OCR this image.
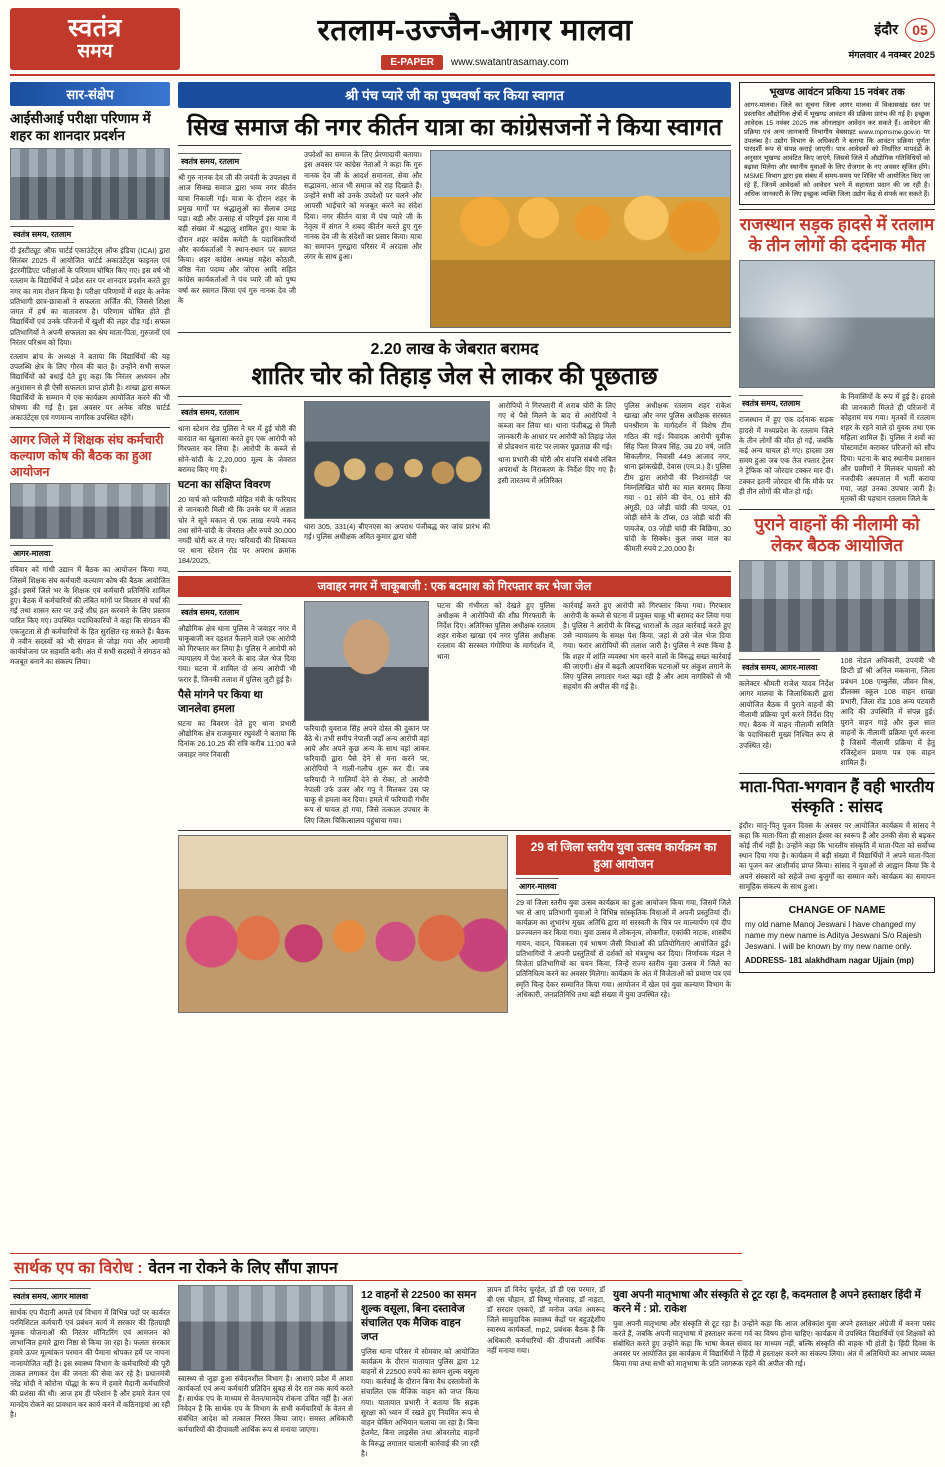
स्वतंत्र
समय
रतलाम-उज्जैन-आगर मालवा
E-PAPER	www.swatantrasamay.com
इंदौर	05
मंगलवार 4 नवम्बर 2025
सार-संक्षेप
आईसीआई परीक्षा परिणाम में शहर का शानदार प्रदर्शन
स्वतंत्र समय, रतलाम
दी इंस्टीट्यूट ऑफ चार्टर्ड एकाउंटेंट्स ऑफ इंडिया (ICAI) द्वारा सितंबर 2025 में आयोजित चार्टर्ड अकाउंटेंट्स फाइनल एवं इंटरमीडिएट परीक्षाओं के परिणाम घोषित किए गए। इस वर्ष भी रतलाम के विद्यार्थियों ने प्रदेश स्तर पर शानदार प्रदर्शन करते हुए नगर का नाम रोशन किया है। परीक्षा परिणामों में शहर के अनेक प्रतिभागी छात्र-छात्राओं ने सफलता अर्जित की, जिससे शिक्षा जगत में हर्ष का वातावरण है। परिणाम घोषित होते ही विद्यार्थियों एवं उनके परिजनों में खुशी की लहर दौड़ गई। सफल प्रतिभागियों ने अपनी सफलता का श्रेय माता-पिता, गुरुजनों एवं निरंतर परिश्रम को दिया।
रतलाम ब्रांच के अध्यक्ष ने बताया कि विद्यार्थियों की यह उपलब्धि क्षेत्र के लिए गौरव की बात है। उन्होंने सभी सफल विद्यार्थियों को बधाई देते हुए कहा कि निरंतर अध्ययन और अनुशासन से ही ऐसी सफलता प्राप्त होती है। शाखा द्वारा सफल विद्यार्थियों के सम्मान में एक कार्यक्रम आयोजित करने की भी घोषणा की गई है। इस अवसर पर अनेक वरिष्ठ चार्टर्ड अकाउंटेंट्स एवं गणमान्य नागरिक उपस्थित रहेंगे।
आगर जिले में शिक्षक संघ कर्मचारी कल्याण कोष की बैठक का हुआ आयोजन
आगर-मालवा
रविवार को गांधी उद्यान में बैठक का आयोजन किया गया, जिसमें शिक्षक संघ कर्मचारी कल्याण कोष की बैठक आयोजित हुई। इसमें जिले भर के शिक्षक एवं कर्मचारी प्रतिनिधि शामिल हुए। बैठक में कर्मचारियों की लंबित मांगों पर विस्तार से चर्चा की गई तथा शासन स्तर पर उन्हें शीघ्र हल करवाने के लिए प्रस्ताव पारित किए गए। उपस्थित पदाधिकारियों ने कहा कि संगठन की एकजुटता से ही कर्मचारियों के हित सुरक्षित रह सकते हैं। बैठक में नवीन सदस्यों को भी संगठन से जोड़ा गया और आगामी कार्ययोजना पर सहमति बनी। अंत में सभी सदस्यों ने संगठन को मजबूत बनाने का संकल्प लिया।
श्री पंच प्यारे जी का पुष्पवर्षा कर किया स्वागत
सिख समाज की नगर कीर्तन यात्रा का कांग्रेसजनों ने किया स्वागत
स्वतंत्र समय, रतलाम
श्री गुरु नानक देव जी की जयंती के उपलक्ष्य में आज सिक्ख समाज द्वारा भव्य नगर कीर्तन यात्रा निकाली गई। यात्रा के दौरान शहर के प्रमुख मार्गों पर श्रद्धालुओं का सैलाब उमड़ पड़ा। बड़ी और उत्साह से परिपूर्ण इस यात्रा में बड़ी संख्या में श्रद्धालु शामिल हुए। यात्रा के दौरान शहर कांग्रेस कमेटी के पदाधिकारियों और कार्यकर्ताओं ने स्थान-स्थान पर स्वागत किया। शहर कांग्रेस अध्यक्ष महेश कोठारी, वरिष्ठ नेता पदम्य और जोएस आदि सहित कांग्रेस कार्यकर्ताओं ने पंच प्यारे जी को पुष्प वर्षा कर स्वागत किया एवं गुरु नानक देव जी के
उपदेशों का समाज के लिए प्रेरणादायी बताया। इस अवसर पर कांग्रेस नेताओं ने कहा कि गुरु नानक देव जी के आदर्श समानता, सेवा और सद्भावना, आज भी समाज को राह दिखाते हैं। उन्होंने सभी को उनके उपदेशों पर चलने और आपसी भाईचारे को मजबूत करने का संदेश दिया। नगर कीर्तन यात्रा में पंच प्यारे जी के नेतृत्व में संगत ने शबद कीर्तन करते हुए गुरु नानक देव जी के संदेशों का प्रसार किया। यात्रा का समापन गुरुद्वारा परिसर में अरदास और लंगर के साथ हुआ।
2.20 लाख के जेबरात बरामद
शातिर चोर को तिहाड़ जेल से लाकर की पूछताछ
स्वतंत्र समय, रतलाम
थाना स्टेशन रोड पुलिस ने घर में हुई चोरी की वारदात का खुलासा करते हुए एक आरोपी को गिरफ्तार कर लिया है। आरोपी के कब्जे से सोने-चांदी के 2,20,000 मूल्य के जेवरात बरामद किए गए हैं।
घटना का संक्षिप्त विवरण
20 मार्च को फरियादी मोहित मंत्री के फरियाद से जानकारी मिली थी कि उनके घर में अज्ञात चोर ने सूने मकान से एक लाख रुपये नकद तथा सोने-चांदी के जेवरात और रुपये 30,000 नगदी चोरी कर ले गए। फरियादी की शिकायत पर थाना स्टेशन रोड पर अपराध क्रमांक 184/2025,
धारा 305, 331(4) बीएनएस का अपराध पंजीबद्ध कर जांच प्रारंभ की गई। पुलिस अधीक्षक अमित कुमार द्वारा चोरी
आरोपियों ने गिरफ्तारी में शराब चोरी के लिए गए थे पैसे मिलने के बाद से आरोपियों ने कब्जा कर लिया था। थाना पंजीबद्ध से मिली जानकारी के आधार पर आरोपी को तिहाड़ जेल से प्रोडक्शन वारंट पर लाकर पूछताछ की गई।
थाना प्रभारी की चोरी और संपत्ति संबंधी लंबित अपराधों के निराकरण के निर्देश दिए गए हैं। इसी तारतम्य में अतिरिक्त
पुलिस अधीक्षक रतलाम शहर राकेश खाखा और नगर पुलिस अधीक्षक सरस्वत घनश्रीराम के मार्गदर्शन में विशेष टीम गठित की गई। विवादक आरोपी यूवीक सिंह पिता विजय सिंह, उम्र 20 वर्ष, जाति सिकलीगर, निवासी 449 आजाद नगर, थाना झांकखेड़ी, देवास (एम.प्र.) है। पुलिस टीम द्वारा आरोपी की निशानदेही पर निम्नलिखित चोरी का माल बरामद किया गया - 01 सोने की चेन, 01 सोने की अंगूठी, 03 जोड़ी चांदी की पायल, 01 जोड़ी सोने के टॉप्स, 03 जोड़ी चांदी की पायजेब, 03 जोड़ी चांदी की बिछिया, 30 चांदी के सिक्के। कुल जब्त माल का कीमती रुपये 2,20,000 है।
जवाहर नगर में चाकूबाजी : एक बदमाश को गिरफ्तार कर भेजा जेल
स्वतंत्र समय, रतलाम
औद्योगिक क्षेत्र थाना पुलिस ने जवाहर नगर में चाकूबाजी कर दहशत फैलाने वाले एक आरोपी को गिरफ्तार कर लिया है। पुलिस ने आरोपी को न्यायालय में पेश करने के बाद जेल भेज दिया गया। घटना में शामिल दो अन्य आरोपी भी फरार हैं, जिनकी तलाश में पुलिस जुटी हुई है।
पैसे मांगने पर किया था जानलेवा हमला
घटना का विवरण देते हुए थाना प्रभारी औद्योगिक क्षेत्र राजकुमार रघुवंशी ने बताया कि दिनांक 26.10.25 की रात्रि करीब 11:00 बजे जवाहर नगर निवासी
फरियादी युवराज सिंह अपने दोस्त की दुकान पर बैठे थे। तभी समीप नेपाली जहाँ अन्य आरोपी वहां आये और अपने कुछ अन्य के साथ वहां आकर फरियादी द्वारा पैसे देने से मना करने पर, आरोपियों ने गाली-गलौच शुरू कर दी। जब फरियादी ने गालियाँ देने से रोका, तो आरोपी नेपाली उर्फ उजर और गपु ने मिलकर उस पर चाकू से हमला कर दिया। हमले में फरियादी गंभीर रूप से घायल हो गया, जिसे तत्काल उपचार के लिए जिला चिकित्सालय पहुंचाया गया।
घटना की गंभीरता को देखते हुए पुलिस अधीक्षक ने आरोपियों की शीघ्र गिरफ्तारी के निर्देश दिए। अतिरिक्त पुलिस अधीक्षक रतलाम शहर राकेश खाखा एवं नगर पुलिस अधीक्षक रतलाम की सरस्वत गंगोरिया के मार्गदर्शन में, थाना
कार्रवाई करते हुए आरोपी को गिरफ्तार किया गया। गिरफ्तार आरोपी के कब्जे से घटना में प्रयुक्त चाकू भी बरामद कर लिया गया है। पुलिस ने आरोपी के विरुद्ध धाराओं के तहत कार्रवाई करते हुए उसे न्यायालय के समक्ष पेश किया, जहां से उसे जेल भेज दिया गया। फरार आरोपियों की तलाश जारी है। पुलिस ने स्पष्ट किया है कि शहर में शांति व्यवस्था भंग करने वालों के विरुद्ध सख्त कार्रवाई की जाएगी। क्षेत्र में बढ़ती आपराधिक घटनाओं पर अंकुश लगाने के लिए पुलिस लगातार गश्त बढ़ा रही है और आम नागरिकों से भी सहयोग की अपील की गई है।
29 वां जिला स्तरीय युवा उत्सव कार्यक्रम का हुआ आयोजन
आगर-मालवा
29 वां जिला स्तरीय युवा उत्सव कार्यक्रम का हुआ आयोजन किया गया, जिसमें जिले भर से आए प्रतिभागी युवाओं ने विभिन्न सांस्कृतिक विधाओं में अपनी प्रस्तुतियां दीं। कार्यक्रम का शुभारंभ मुख्य अतिथि द्वारा मां सरस्वती के चित्र पर माल्यार्पण एवं दीप प्रज्ज्वलन कर किया गया। युवा उत्सव में लोकनृत्य, लोकगीत, एकांकी नाटक, शास्त्रीय गायन, वादन, चित्रकला एवं भाषण जैसी विधाओं की प्रतियोगिताएं आयोजित हुईं। प्रतिभागियों ने अपनी प्रस्तुतियों से दर्शकों को मंत्रमुग्ध कर दिया। निर्णायक मंडल ने विजेता प्रतिभागियों का चयन किया, जिन्हें राज्य स्तरीय युवा उत्सव में जिले का प्रतिनिधित्व करने का अवसर मिलेगा। कार्यक्रम के अंत में विजेताओं को प्रमाण पत्र एवं स्मृति चिन्ह देकर सम्मानित किया गया। आयोजन में खेल एवं युवा कल्याण विभाग के अधिकारी, जनप्रतिनिधि तथा बड़ी संख्या में युवा उपस्थित रहे।
भूखण्ड आवंटन प्रकिया 15 नवंबर तक
आगर-मालवा। जिले का सूचना जिला आगर मालवा में विकासखंड स्तर पर प्रस्तावित औद्योगिक क्षेत्रों में भूखण्ड आवंटन की प्रक्रिया प्रारंभ की गई है। इच्छुक आवेदक 15 नवंबर 2025 तक ऑनलाइन आवेदन कर सकते हैं। आवेदन की प्रक्रिया एवं अन्य जानकारी विभागीय वेबसाइट www.mpmsme.gov.in पर उपलब्ध है। उद्योग विभाग के अधिकारी ने बताया कि आवंटन प्रक्रिया पूर्णतः पारदर्शी रूप से संपन्न कराई जाएगी। पात्र आवेदकों को निर्धारित मापदंडों के अनुसार भूखण्ड आवंटित किए जाएंगे, जिससे जिले में औद्योगिक गतिविधियों को बढ़ावा मिलेगा और स्थानीय युवाओं के लिए रोजगार के नए अवसर सृजित होंगे। MSME विभाग द्वारा इस संबंध में समय-समय पर शिविर भी आयोजित किए जा रहे हैं, जिनमें आवेदकों को आवेदन भरने में सहायता प्रदान की जा रही है। अधिक जानकारी के लिए इच्छुक व्यक्ति जिला उद्योग केंद्र से संपर्क कर सकते हैं।
राजस्थान सड़क हादसे में रतलाम के तीन लोगों की दर्दनाक मौत
स्वतंत्र समय, रतलाम
राजस्थान में हुए एक दर्दनाक सड़क हादसे में मध्यप्रदेश के रतलाम जिले के तीन लोगों की मौत हो गई, जबकि कई अन्य घायल हो गए। हादसा उस समय हुआ जब एक तेज रफ्तार ट्रेलर ने ट्रेफिक को जोरदार टक्कर मार दी। टक्कर इतनी जोरदार थी कि मौके पर ही तीन लोगों की मौत हो गई।
के निवासियों के रूप में हुई है। हादसे की जानकारी मिलते ही परिजनों में कोहराम मच गया। मृतकों में रतलाम शहर के रहने वाले दो युवक तथा एक महिला शामिल हैं। पुलिस ने शवों का पोस्टमार्टम कराकर परिजनों को सौंप दिया। घटना के बाद स्थानीय प्रशासन और ग्रामीणों ने मिलकर घायलों को नजदीकी अस्पताल में भर्ती कराया गया, जहां उनका उपचार जारी है। मृतकों की पहचान रतलाम जिले के
पुराने वाहनों की नीलामी को लेकर बैठक आयोजित
स्वतंत्र समय, आगर-मालवा
कलेक्टर श्रीमती राजेश यादव निर्देश आगर मालवा के जिलाधिकारी द्वारा आयोजित बैठक में पुराने वाहनों की नीलामी प्रक्रिया पूर्ण करने निर्देश दिए गए। बैठक में वाहन नीलामी समिति के पदाधिकारी मुख्य निश्चित रूप से उपस्थित रहे।
108 नोडल अधिकारी, उपयंत्री भी डिप्टी डॉ श्री अनिल मकवाना, जिला प्रबंधन 108 एम्बुलेंस, जीवन मिश्र, डीलक्स स्कूल 108 वाहन शाखा प्रभारी, जिला रोड 108 अन्य पटवारी आदि की उपस्थिति में संपन्न हुई। पुराने वाहन गाड़े और कुल सात वाहनों के नीलामी प्रक्रिया पूर्ण करना है जिसमें नीलामी प्रक्रिया में हेतु रजिस्ट्रेशन प्रमाण पत्र एक वाहन शामिल हैं।
माता-पिता-भगवान हैं वही भारतीय संस्कृति : सांसद
इंदौर। मातृ-पितृ पूजन दिवस के अवसर पर आयोजित कार्यक्रम में सांसद ने कहा कि माता-पिता ही साक्षात ईश्वर का स्वरूप हैं और उनकी सेवा से बढ़कर कोई तीर्थ नहीं है। उन्होंने कहा कि भारतीय संस्कृति में माता-पिता को सर्वोच्च स्थान दिया गया है। कार्यक्रम में बड़ी संख्या में विद्यार्थियों ने अपने माता-पिता का पूजन कर आशीर्वाद प्राप्त किया। सांसद ने युवाओं से आह्वान किया कि वे अपने संस्कारों को सहेजें तथा बुजुर्गों का सम्मान करें। कार्यक्रम का समापन सामूहिक संकल्प के साथ हुआ।
CHANGE OF NAME
my old name Manoj Jeswani I have changed my name my new name is Aditya Jeswani S/o Rajesh Jeswani. I will be known by my new name only.
ADDRESS- 181 alakhdham nagar Ujjain (mp)
सार्थक एप का विरोध : वेतन ना रोकने के लिए सौंपा ज्ञापन
स्वतंत्र समय, आगर मालवा
सार्थक एप मैदानी अमले एवं विभाग में विभिन्न पदों पर कार्यरत परमिशिटल कर्मचारी एवं प्रबंधन कार्य में सरकार की हितग्राही मूलक योजनाओं की निरंतर मॉनिटरिंग एवं आमजन को लाभान्वित हमारे द्वारा निष्ठा से किया जा रहा है। फलतः सरकार हमारे ऊपर मूल्यांकन परमान की पैमाना थोपकर हमें पर नापना नाजायोजित नहीं है। इस स्वास्थ्य विभाग के कर्मचारियों की पूरी ताकत लगाकर देश की जनता की सेवा कर रहे है। प्रधानमंत्री नरेंद्र मोदी ने कोरोना योद्धा के रूप में हमारे मैदानी कर्मचारियों की प्रशंसा की थी। आज हम ही परेशान है और हमारे वेतन एवं मानदेय रोकने का प्रावधान कर कार्य करने में कठिनाइयां आ रही है।
स्वास्थ्य से जुड़ा हुआ संवेदनशील विभाग है। आशाएं प्रदेश में आशा कार्यकर्ता एवं अन्य कर्मचारी प्रतिदिन सुबह से देर रात तक कार्य करते हैं। सार्थक एप के माध्यम से वेतन/मानदेय रोकना उचित नहीं है। अतः निवेदन है कि सार्थक एप के विभाग के सभी कर्मचारियों के वेतन से संबंधित आदेश को तत्काल निरस्त किया जाए। समस्त अधिकारी कर्मचारियों की दीपावली आर्थिक रूप से मनाया जाएगा।
12 वाहनों से 22500 का समन शुल्क वसूला, बिना दस्तावेज संचालित एक मैजिक वाहन जप्त
पुलिस थाना परिसर में सोमवार को आयोजित कार्यक्रम के दौरान यातायात पुलिस द्वारा 12 वाहनों से 22500 रुपये का समन शुल्क वसूला गया। कार्रवाई के दौरान बिना वैध दस्तावेजों के संचालित एक मैजिक वाहन को जप्त किया गया। यातायात प्रभारी ने बताया कि सड़क सुरक्षा को ध्यान में रखते हुए नियमित रूप से वाहन चेकिंग अभियान चलाया जा रहा है। बिना हेलमेट, बिना लाइसेंस तथा ओवरलोड वाहनों के विरुद्ध लगातार चालानी कार्रवाई की जा रही है।
ज्ञापन डॉ विनेद चुरहेत, डॉ डी एस परमार, डॉ बी एस चौहान, डॉ विष्णु गोलवाड़, डॉ नाहटा, डॉ सरदार एस्कऐ, डॉ मनोज जयंत अमरूद जिले सामुदायिक स्वास्थ्य केंद्रों पर बहुउद्देशीय स्वास्थ्य कार्यकर्ता, mp2, प्रबंधक बैठक हैं कि अधिकारी कर्मचारियों की दीपावली आर्थिक नहीं मनाया गया।
युवा अपनी मातृभाषा और संस्कृति से टूट रहा है, कदमताल है अपने हस्ताक्षर हिंदी में करने में : प्रो. राकेश
युवा अपनी मातृभाषा और संस्कृति से टूट रहा है। उन्होंने कहा कि आज अधिकांश युवा अपने हस्ताक्षर अंग्रेजी में करना पसंद करते हैं, जबकि अपनी मातृभाषा में हस्ताक्षर करना गर्व का विषय होना चाहिए। कार्यक्रम में उपस्थित विद्यार्थियों एवं शिक्षकों को संबोधित करते हुए उन्होंने कहा कि भाषा केवल संवाद का माध्यम नहीं, बल्कि संस्कृति की वाहक भी होती है। हिंदी दिवस के अवसर पर आयोजित इस कार्यक्रम में विद्यार्थियों ने हिंदी में हस्ताक्षर करने का संकल्प लिया। अंत में अतिथियों का आभार व्यक्त किया गया तथा सभी को मातृभाषा के प्रति जागरूक रहने की अपील की गई।
